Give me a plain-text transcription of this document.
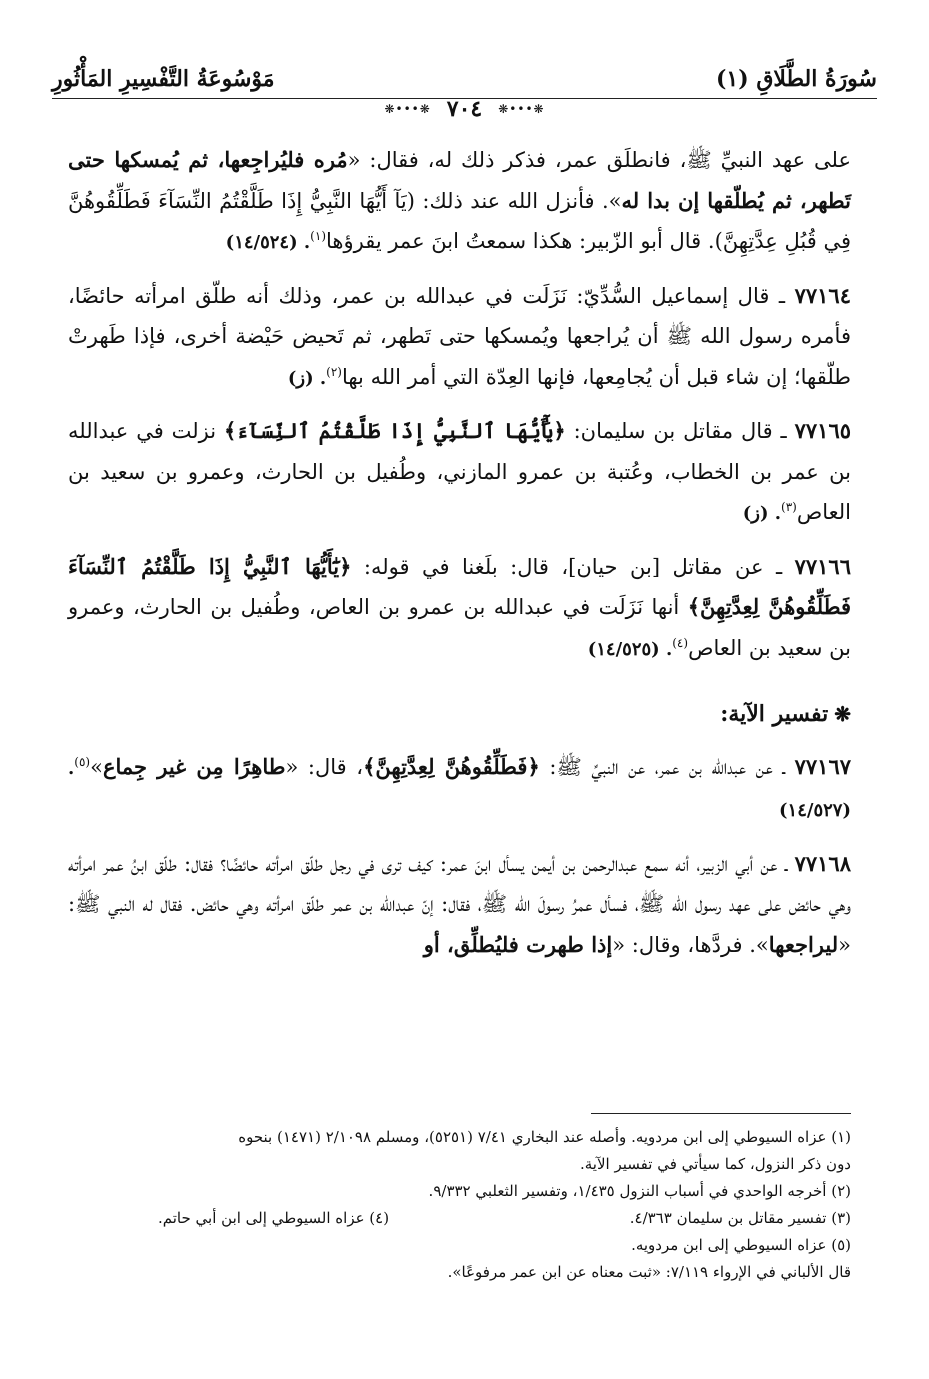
سُورَةُ الطَّلَاقِ (١)
مَوْسُوعَةُ التَّفْسِيرِ المَأْثُورِ
❋•••❋
٧٠٤
❋•••❋

على عهد النبيِّ ﷺ، فانطلَق عمر، فذكر ذلك له، فقال: «مُره فليُراجِعها، ثم يُمسكها حتى تَطهر، ثم يُطلّقها إن بدا له». فأنزل الله عند ذلك: (يَآ أَيُّهَا النَّبِيُّ إِذَا طَلَّقْتُمُ النِّسَآءَ فَطَلِّقُوهُنَّ فِي قُبُلِ عِدَّتِهِنَّ). قال أبو الزّبير: هكذا سمعتُ ابنَ عمر يقرؤها$^{(١)}$. (١٤/٥٢٤)

٧٧١٦٤ ـ قال إسماعيل السُّدِّيّ: نَزَلَت في عبدالله بن عمر، وذلك أنه طلّق امرأته حائضًا، فأمره رسول الله ﷺ أن يُراجعها ويُمسكها حتى تَطهر، ثم تَحيض حَيْضة أخرى، فإذا طَهرتْ طلّقها؛ إن شاء قبل أن يُجامِعها، فإنها العِدّة التي أمر الله بها$^{(٢)}$. (ز)

٧٧١٦٥ ـ قال مقاتل بن سليمان: ﴿يَٰٓأَيُّهَا ٱلنَّبِيُّ إِذَا طَلَّقْتُمُ ٱلنِّسَآءَ﴾ نزلت في عبدالله بن عمر بن الخطاب، وعُتبة بن عمرو المازني، وطُفيل بن الحارث، وعمرو بن سعيد بن العاص$^{(٣)}$. (ز)

٧٧١٦٦ ـ عن مقاتل [بن حيان]، قال: بلَغنا في قوله: ﴿يَٰٓأَيُّهَا ٱلنَّبِيُّ إِذَا طَلَّقْتُمُ ٱلنِّسَآءَ فَطَلِّقُوهُنَّ لِعِدَّتِهِنَّ﴾ أنها نَزَلَت في عبدالله بن عمرو بن العاص، وطُفيل بن الحارث، وعمرو بن سعيد بن العاص$^{(٤)}$. (١٤/٥٢٥)

❋تفسير الآية:

٧٧١٦٧ ـ عن عبدالله بن عمر، عن النبيِّ ﷺ: ﴿فَطَلِّقُوهُنَّ لِعِدَّتِهِنَّ﴾، قال: «طاهِرًا مِن غير جِماع»$^{(٥)}$. (١٤/٥٢٧)

٧٧١٦٨ ـ عن أبي الزبير، أنه سمع عبدالرحمن بن أيمن يسأل ابنَ عمر: كيف ترى في رجل طلّق امرأته حائضًا؟ فقال: طلّق ابنُ عمر امرأته وهي حائض على عهد رسول الله ﷺ، فسأل عمرُ رسولَ الله ﷺ، فقال: إنّ عبدالله بن عمر طلّق امرأته وهي حائض. فقال له النبي ﷺ: «ليراجعها». فردَّها، وقال: «إذا طهرت فليُطلِّق، أو

(١) عزاه السيوطي إلى ابن مردويه. وأصله عند البخاري ٧/٤١ (٥٢٥١)، ومسلم ٢/١٠٩٨ (١٤٧١) بنحوه

دون ذكر النزول، كما سيأتي في تفسير الآية.

(٢) أخرجه الواحدي في أسباب النزول ١/٤٣٥، وتفسير الثعلبي ٩/٣٣٢.

(٣) تفسير مقاتل بن سليمان ٤/٣٦٣.
(٤) عزاه السيوطي إلى ابن أبي حاتم.

(٥) عزاه السيوطي إلى ابن مردويه.

قال الألباني في الإرواء ٧/١١٩: «ثبت معناه عن ابن عمر مرفوعًا».
